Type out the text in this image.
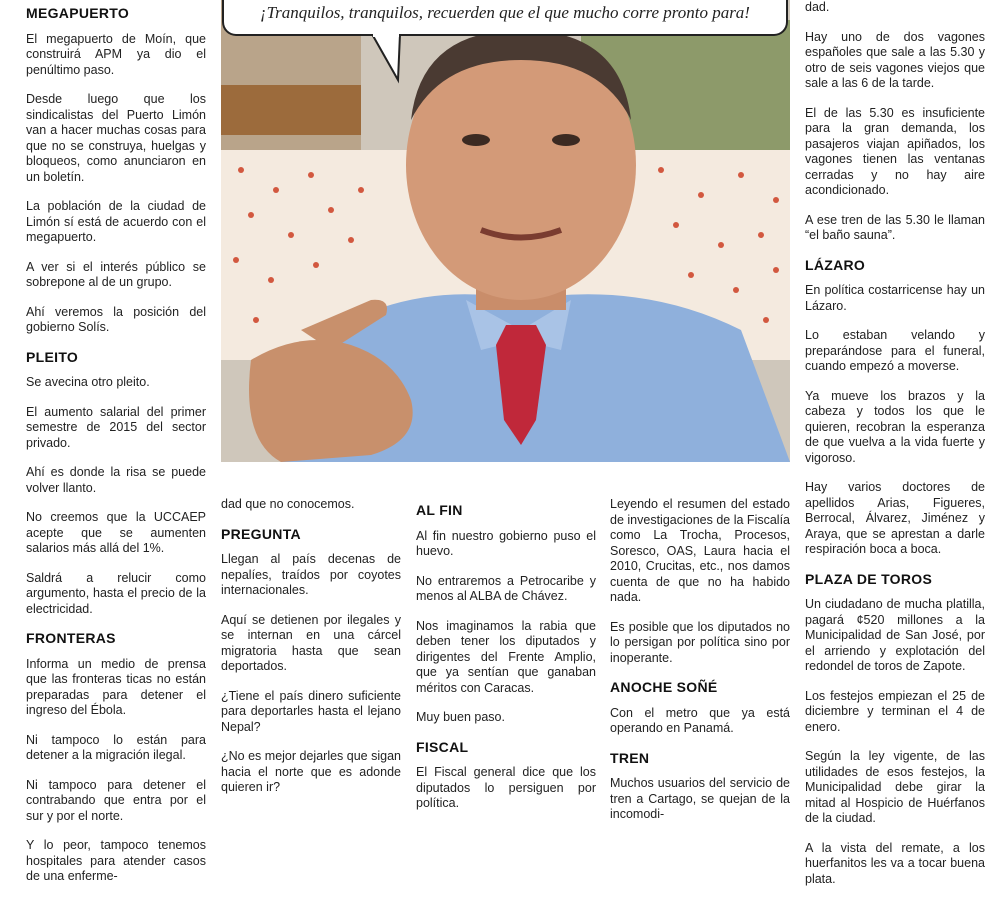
¡Tranquilos, tranquilos, recuerden que el que mucho corre pronto para!
MEGAPUERTO

El megapuerto de Moín, que construirá APM ya dio el penúltimo paso.

Desde luego que los sindicalistas del Puerto Limón van a hacer muchas cosas para que no se construya, huelgas y bloqueos, como anunciaron en un boletín.

La población de la ciudad de Limón sí está de acuerdo con el megapuerto.

A ver si el interés público se sobrepone al de un grupo.

Ahí veremos la posición del gobierno Solís.

PLEITO

Se avecina otro pleito.

El aumento salarial del primer semestre de 2015 del sector privado.

Ahí es donde la risa se puede volver llanto.

No creemos que la UCCAEP acepte que se aumenten salarios más allá del 1%.

Saldrá a relucir como argumento, hasta el precio de la electricidad.

FRONTERAS

Informa un medio de prensa que las fronteras ticas no están preparadas para detener el ingreso del Ébola.

Ni tampoco lo están para detener a la migración ilegal.

Ni tampoco para detener el contrabando que entra por el sur y por el norte.

Y lo peor, tampoco tenemos hospitales para atender casos de una enferme-

dad que no conocemos.

PREGUNTA

Llegan al país decenas de nepalíes, traídos por coyotes internacionales.

Aquí se detienen por ilegales y se internan en una cárcel migratoria hasta que sean deportados.

¿Tiene el país dinero suficiente para deportarles hasta el lejano Nepal?

¿No es mejor dejarles que sigan hacia el norte que es adonde quieren ir?

AL FIN

Al fin nuestro gobierno puso el huevo.

No entraremos a Petrocaribe y menos al ALBA de Chávez.

Nos imaginamos la rabia que deben tener los diputados y dirigentes del Frente Amplio, que ya sentían que ganaban méritos con Caracas.

Muy buen paso.

FISCAL

El Fiscal general dice que los diputados lo persiguen por política.

Leyendo el resumen del estado de investigaciones de la Fiscalía como La Trocha, Procesos, Soresco, OAS, Laura hacia el 2010, Crucitas, etc., nos damos cuenta de que no ha habido nada.

Es posible que los diputados no lo persigan por política sino por inoperante.

ANOCHE SOÑÉ

Con el metro que ya está operando en Panamá.

TREN

Muchos usuarios del servicio de tren a Cartago, se quejan de la incomodi-

dad.

Hay uno de dos vagones españoles que sale a las 5.30 y otro de seis vagones viejos que sale a las 6 de la tarde.

El de las 5.30 es insuficiente para la gran demanda, los pasajeros viajan apiñados, los vagones tienen las ventanas cerradas y no hay aire acondicionado.

A ese tren de las 5.30 le llaman “el baño sauna”.

LÁZARO

En política costarricense hay un Lázaro.

Lo estaban velando y preparándose para el funeral, cuando empezó a moverse.

Ya mueve los brazos y la cabeza y todos los que le quieren, recobran la esperanza de que vuelva a la vida fuerte y vigoroso.

Hay varios doctores de apellidos Arias, Figueres, Berrocal, Álvarez, Jiménez y Araya, que se aprestan a darle respiración boca a boca.

PLAZA DE TOROS

Un ciudadano de mucha platilla, pagará ¢520 millones a la Municipalidad de San José, por el arriendo y explotación del redondel de toros de Zapote.

Los festejos empiezan el 25 de diciembre y terminan el 4 de enero.

Según la ley vigente, de las utilidades de esos festejos, la Municipalidad debe girar la mitad al Hospicio de Huérfanos de la ciudad.

A la vista del remate, a los huerfanitos les va a tocar buena plata.
